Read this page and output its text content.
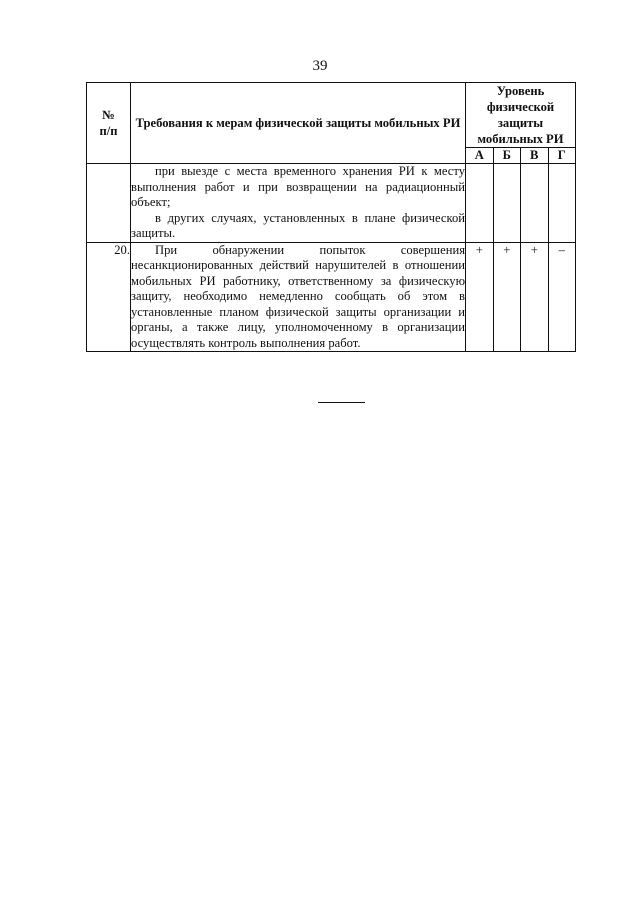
39
№
п/п	Требования к мерам физической защиты мобильных РИ	Уровень физической защиты мобильных РИ			
		А	Б	В	Г

	при выезде с места временного хранения РИ к месту выполнения работ и при возвращении на радиационный объект;
в других случаях, установленных в плане физической защиты.				

20.	При обнаружении попыток совершения несанкционированных действий нарушителей в отношении мобильных РИ работнику, ответственному за физическую защиту, необходимо немедленно сообщать об этом в установленные планом физической защиты организации и органы, а также лицу, уполномоченному в организации осуществлять контроль выполнения работ.	+	+	+	–
